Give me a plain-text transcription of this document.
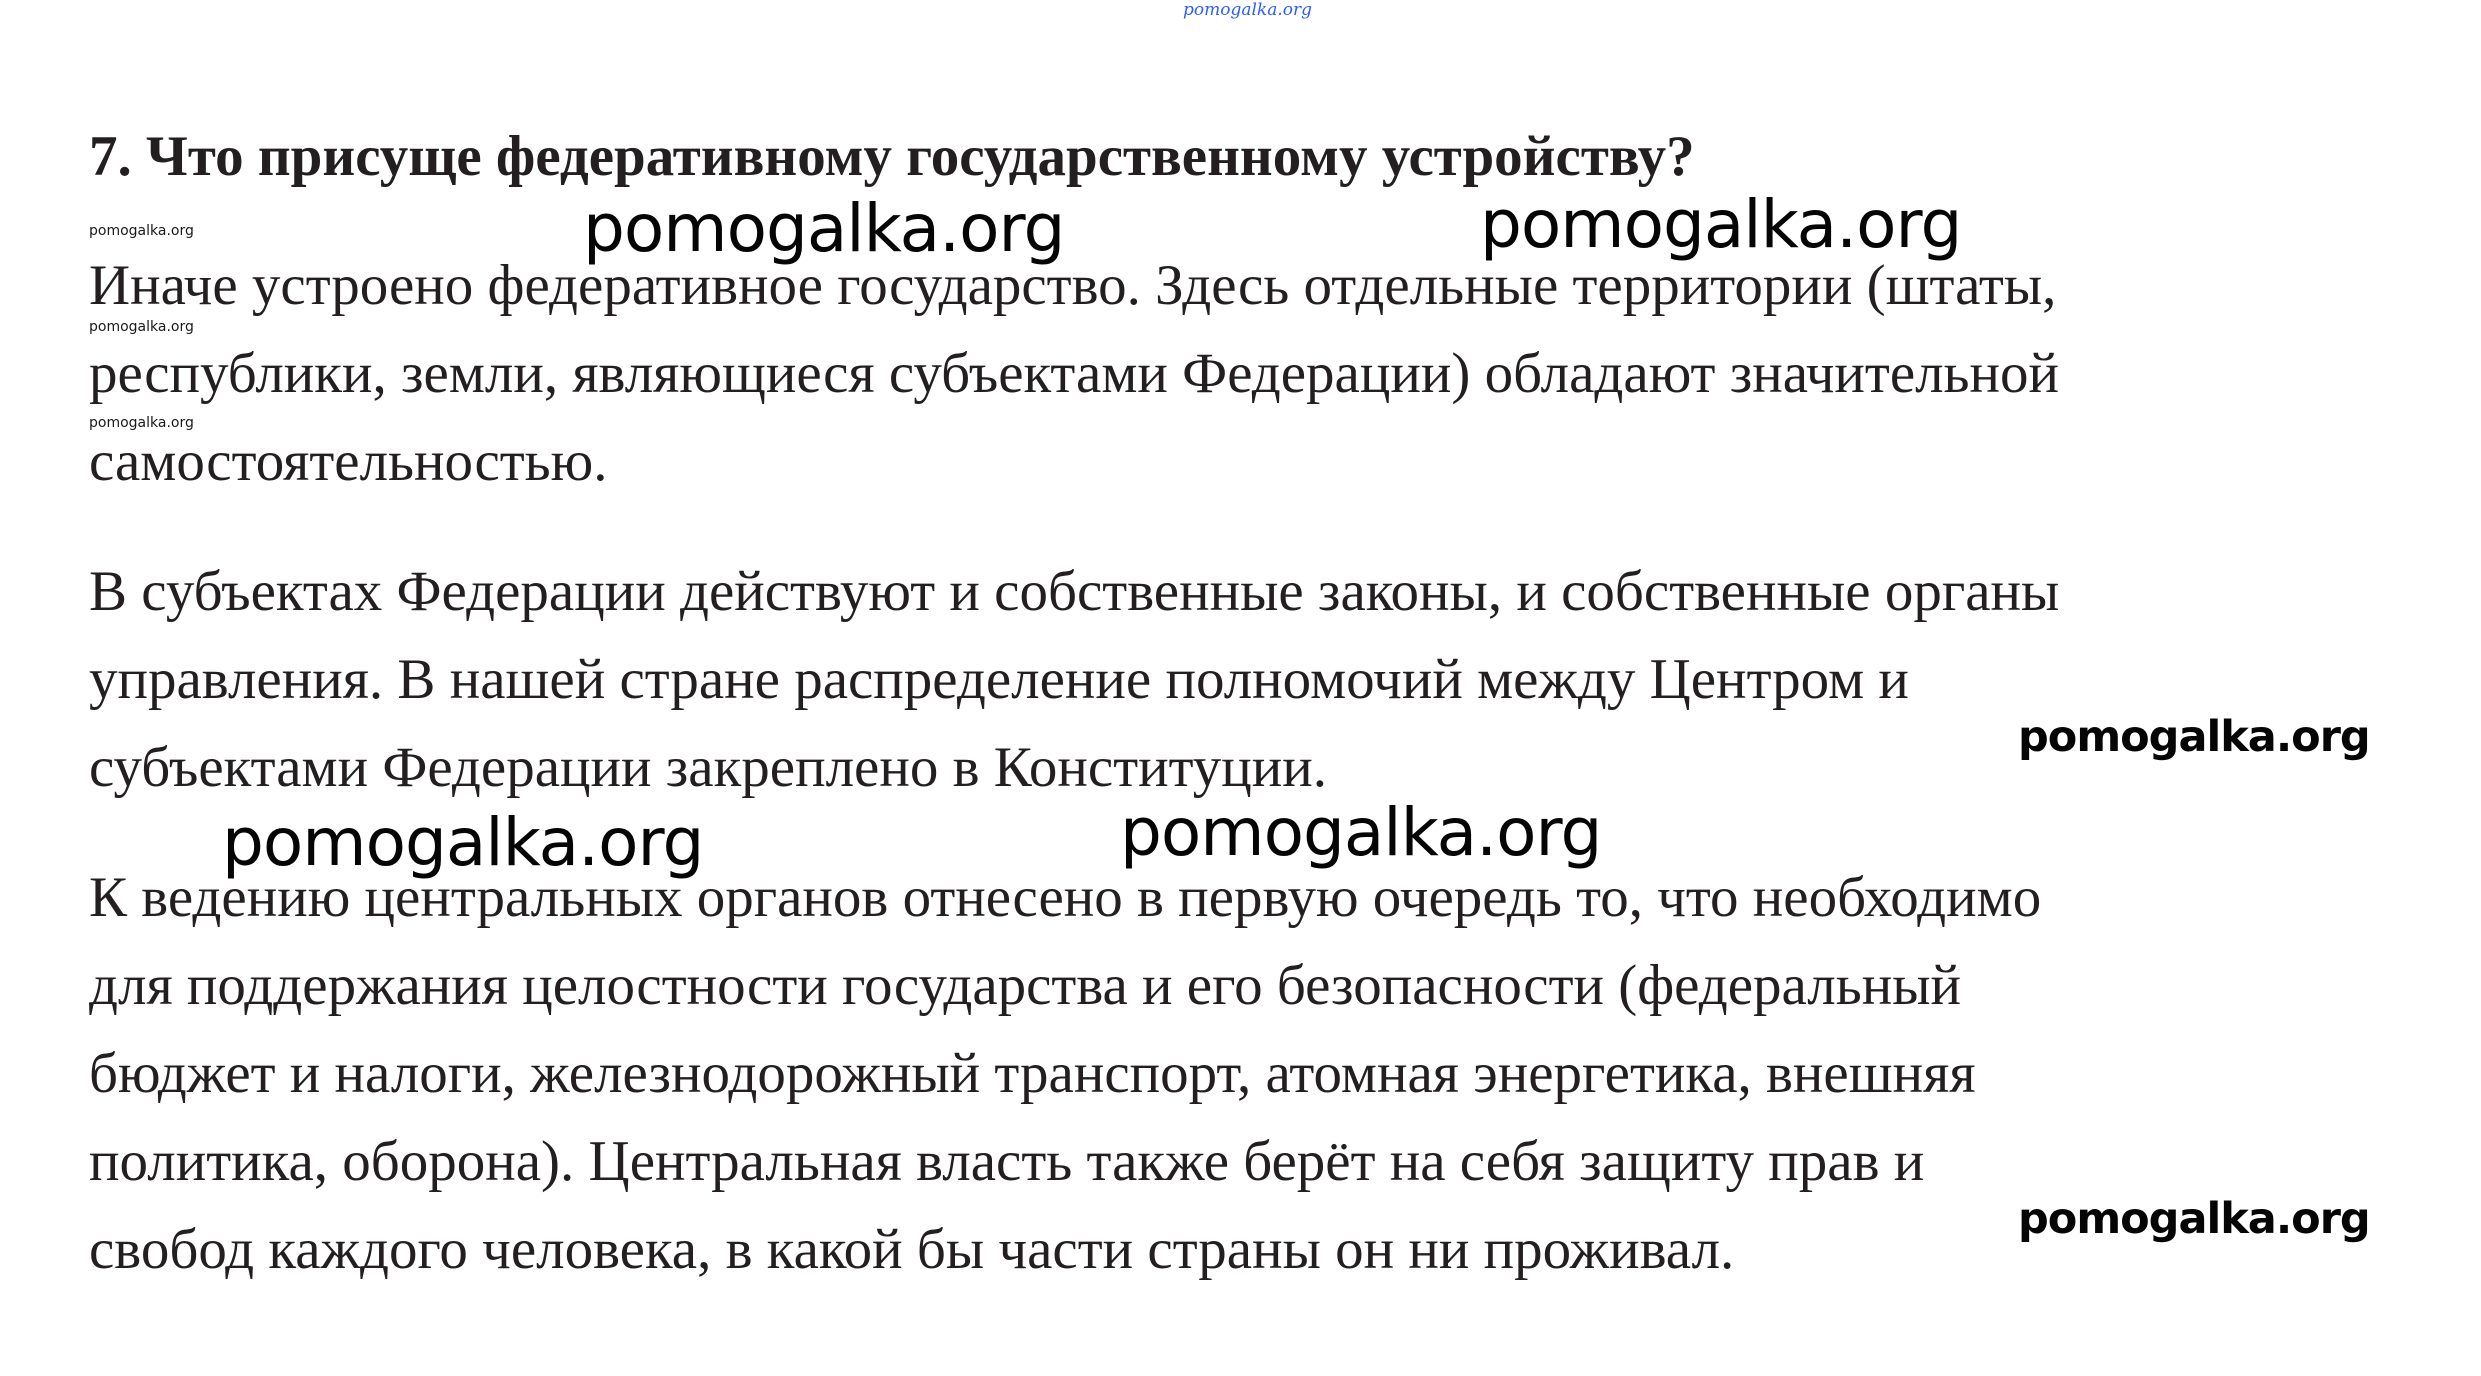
pomogalka.org
7. Что присуще федеративному государственному устройству?
pomogalka.org
pomogalka.org
pomogalka.org

Иначе устроено федеративное государство. Здесь отдельные территории (штаты,
республики, земли, являющиеся субъектами Федерации) обладают значительной
самостоятельностью.

В субъектах Федерации действуют и собственные законы, и собственные органы
управления. В нашей стране распределение полномочий между Центром и
субъектами Федерации закреплено в Конституции.

К ведению центральных органов отнесено в первую очередь то, что необходимо
для поддержания целостности государства и его безопасности (федеральный
бюджет и налоги, железнодорожный транспорт, атомная энергетика, внешняя
политика, оборона). Центральная власть также берёт на себя защиту прав и
свобод каждого человека, в какой бы части страны он ни проживал.

pomogalka.org	pomogalka.org
pomogalka.org	pomogalka.org
pomogalka.org
pomogalka.org
